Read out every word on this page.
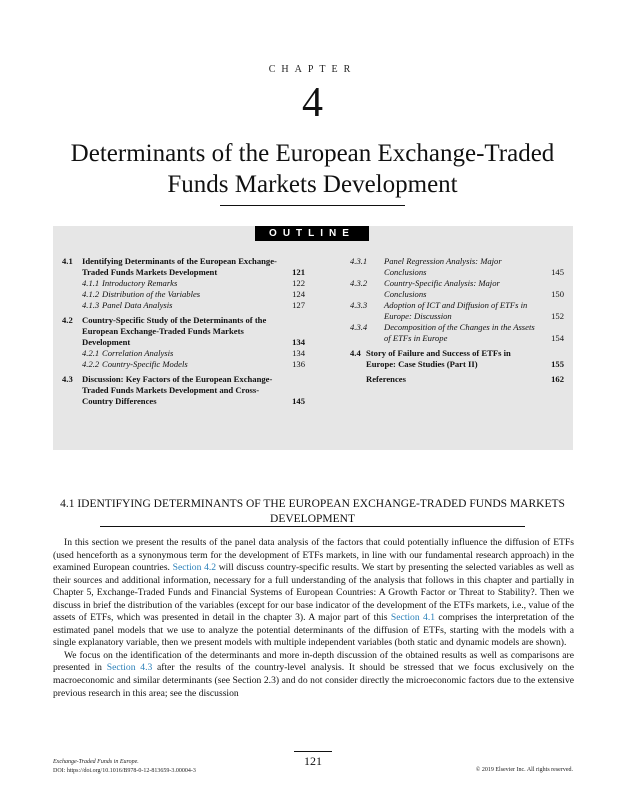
CHAPTER
4
Determinants of the European Exchange-Traded Funds Markets Development
OUTLINE
4.1	Identifying Determinants of the European Exchange-Traded Funds Markets Development	121
4.1.1 Introductory Remarks	122
4.1.2 Distribution of the Variables	124
4.1.3 Panel Data Analysis	127
4.2	Country-Specific Study of the Determinants of the European Exchange-Traded Funds Markets Development	134
4.2.1 Correlation Analysis	134
4.2.2 Country-Specific Models	136
4.3	Discussion: Key Factors of the European Exchange-Traded Funds Markets Development and Cross-Country Differences	145
4.3.1	Panel Regression Analysis: Major Conclusions	145
4.3.2	Country-Specific Analysis: Major Conclusions	150
4.3.3	Adoption of ICT and Diffusion of ETFs in Europe: Discussion	152
4.3.4	Decomposition of the Changes in the Assets of ETFs in Europe	154
4.4 Story of Failure and Success of ETFs in Europe: Case Studies (Part II)	155
References	162
4.1 IDENTIFYING DETERMINANTS OF THE EUROPEAN EXCHANGE-TRADED FUNDS MARKETS DEVELOPMENT

In this section we present the results of the panel data analysis of the factors that could potentially influence the diffusion of ETFs (used henceforth as a synonymous term for the development of ETFs markets, in line with our fundamental research approach) in the examined European countries. Section 4.2 will discuss country-specific results. We start by presenting the selected variables as well as their sources and additional information, necessary for a full understanding of the analysis that follows in this chapter and partially in Chapter 5, Exchange-Traded Funds and Financial Systems of European Countries: A Growth Factor or Threat to Stability?. Then we discuss in brief the distribution of the variables (except for our base indicator of the development of the ETFs markets, i.e., value of the assets of ETFs, which was presented in detail in the chapter 3). A major part of this Section 4.1 comprises the interpretation of the estimated panel models that we use to analyze the potential determinants of the diffusion of ETFs, starting with the models with a single explanatory variable, then we present models with multiple independent variables (both static and dynamic models are shown).

We focus on the identification of the determinants and more in-depth discussion of the obtained results as well as comparisons are presented in Section 4.3 after the results of the country-level analysis. It should be stressed that we focus exclusively on the macroeconomic and similar determinants (see Section 2.3) and do not consider directly the microeconomic factors due to the extensive previous research in this area; see the discussion

Exchange-Traded Funds in Europe.
DOI: https://doi.org/10.1016/B978-0-12-813659-3.00004-3
121
© 2019 Elsevier Inc. All rights reserved.
